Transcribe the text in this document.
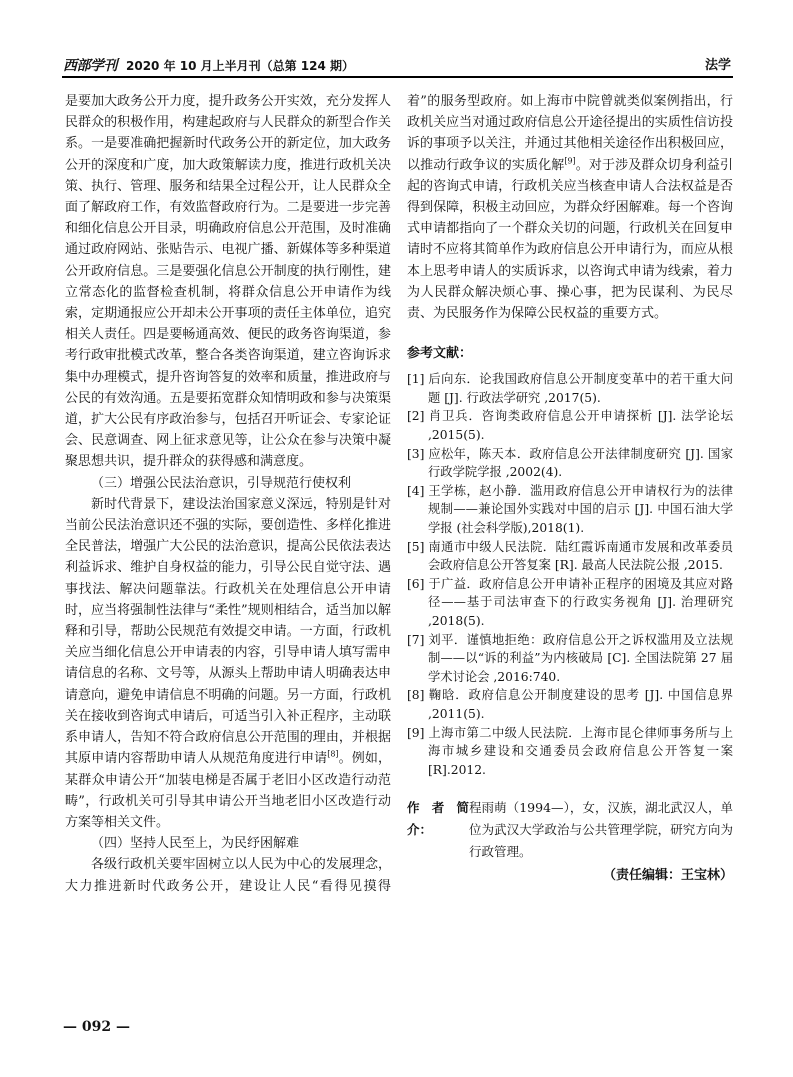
西部学刊 2020 年 10 月上半月刊（总第 124 期）	法学

是要加大政务公开力度，提升政务公开实效，充分发挥人民群众的积极作用，构建起政府与人民群众的新型合作关系。一是要准确把握新时代政务公开的新定位，加大政务公开的深度和广度，加大政策解读力度，推进行政机关决策、执行、管理、服务和结果全过程公开，让人民群众全面了解政府工作，有效监督政府行为。二是要进一步完善和细化信息公开目录，明确政府信息公开范围，及时准确通过政府网站、张贴告示、电视广播、新媒体等多种渠道公开政府信息。三是要强化信息公开制度的执行刚性，建立常态化的监督检查机制，将群众信息公开申请作为线索，定期通报应公开却未公开事项的责任主体单位，追究相关人责任。四是要畅通高效、便民的政务咨询渠道，参考行政审批模式改革，整合各类咨询渠道，建立咨询诉求集中办理模式，提升咨询答复的效率和质量，推进政府与公民的有效沟通。五是要拓宽群众知情明政和参与决策渠道，扩大公民有序政治参与，包括召开听证会、专家论证会、民意调查、网上征求意见等，让公众在参与决策中凝聚思想共识，提升群众的获得感和满意度。

（三）增强公民法治意识，引导规范行使权利

新时代背景下，建设法治国家意义深远，特别是针对当前公民法治意识还不强的实际，要创造性、多样化推进全民普法，增强广大公民的法治意识，提高公民依法表达利益诉求、维护自身权益的能力，引导公民自觉守法、遇事找法、解决问题靠法。行政机关在处理信息公开申请时，应当将强制性法律与“柔性”规则相结合，适当加以解释和引导，帮助公民规范有效提交申请。一方面，行政机关应当细化信息公开申请表的内容，引导申请人填写需申请信息的名称、文号等，从源头上帮助申请人明确表达申请意向，避免申请信息不明确的问题。另一方面，行政机关在接收到咨询式申请后，可适当引入补正程序，主动联系申请人，告知不符合政府信息公开范围的理由，并根据其原申请内容帮助申请人从规范角度进行申请[8]。例如，某群众申请公开“加装电梯是否属于老旧小区改造行动范畴”，行政机关可引导其申请公开当地老旧小区改造行动方案等相关文件。

（四）坚持人民至上，为民纾困解难

各级行政机关要牢固树立以人民为中心的发展理念，大力推进新时代政务公开，建设让人民“看得见摸得

着”的服务型政府。如上海市中院曾就类似案例指出，行政机关应当对通过政府信息公开途径提出的实质性信访投诉的事项予以关注，并通过其他相关途径作出积极回应，以推动行政争议的实质化解[9]。对于涉及群众切身利益引起的咨询式申请，行政机关应当核查申请人合法权益是否得到保障，积极主动回应，为群众纾困解难。每一个咨询式申请都指向了一个群众关切的问题，行政机关在回复申请时不应将其简单作为政府信息公开申请行为，而应从根本上思考申请人的实质诉求，以咨询式申请为线索，着力为人民群众解决烦心事、操心事，把为民谋利、为民尽责、为民服务作为保障公民权益的重要方式。

参考文献：
[1] 后向东．论我国政府信息公开制度变革中的若干重大问题 [J]. 行政法学研究 ,2017(5).
[2] 肖卫兵．咨询类政府信息公开申请探析 [J]. 法学论坛 ,2015(5).
[3] 应松年，陈天本．政府信息公开法律制度研究 [J]. 国家行政学院学报 ,2002(4).
[4] 王学栋，赵小静．滥用政府信息公开申请权行为的法律规制——兼论国外实践对中国的启示 [J]. 中国石油大学学报 (社会科学版),2018(1).
[5] 南通市中级人民法院．陆红霞诉南通市发展和改革委员会政府信息公开答复案 [R]. 最高人民法院公报 ,2015.
[6] 于广益．政府信息公开申请补正程序的困境及其应对路径——基于司法审查下的行政实务视角 [J]. 治理研究 ,2018(5).
[7] 刘平．谨慎地拒绝：政府信息公开之诉权滥用及立法规制——以“诉的利益”为内核破局 [C]. 全国法院第 27 届学术讨论会 ,2016:740.
[8] 鞠晗．政府信息公开制度建设的思考 [J]. 中国信息界 ,2011(5).
[9] 上海市第二中级人民法院．上海市昆仑律师事务所与上海市城乡建设和交通委员会政府信息公开答复一案 [R].2012.
作者简介：
程雨萌（1994—），女，汉族，湖北武汉人，单位为武汉大学政治与公共管理学院，研究方向为行政管理。
（责任编辑：王宝林）
— 092 —
